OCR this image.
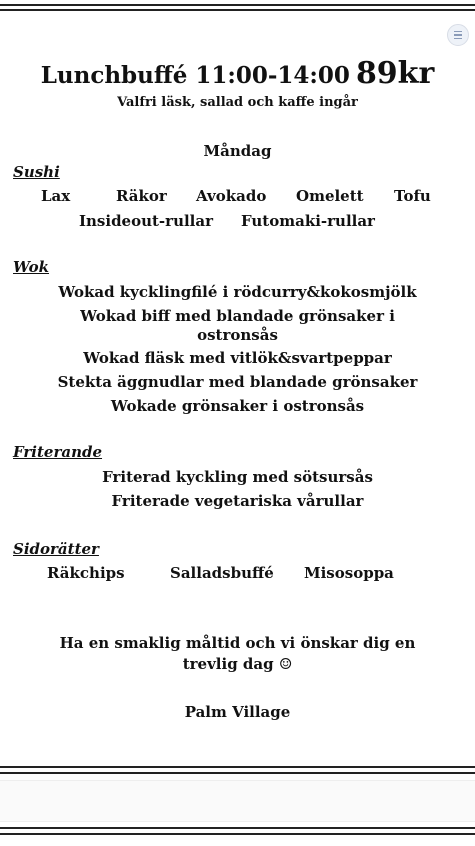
Lunchbuffé 11:00-14:00 89kr
Valfri läsk, sallad och kaffe ingår
Måndag
Sushi
Lax	Räkor Avokado Omelett Tofu
Insideout-rullar Futomaki-rullar
Wok
Wokad kycklingfilé i rödcurry&kokosmjölk
Wokad biff med blandade grönsaker i
ostronsås
Wokad fläsk med vitlök&svartpeppar
Stekta äggnudlar med blandade grönsaker
Wokade grönsaker i ostronsås
Friterande
Friterad kyckling med sötsursås
Friterade vegetariska vårullar
Sidorätter
Räkchips	Salladsbuffé Misosoppa
Ha en smaklig måltid och vi önskar dig en
trevlig dag ☺
Palm Village
